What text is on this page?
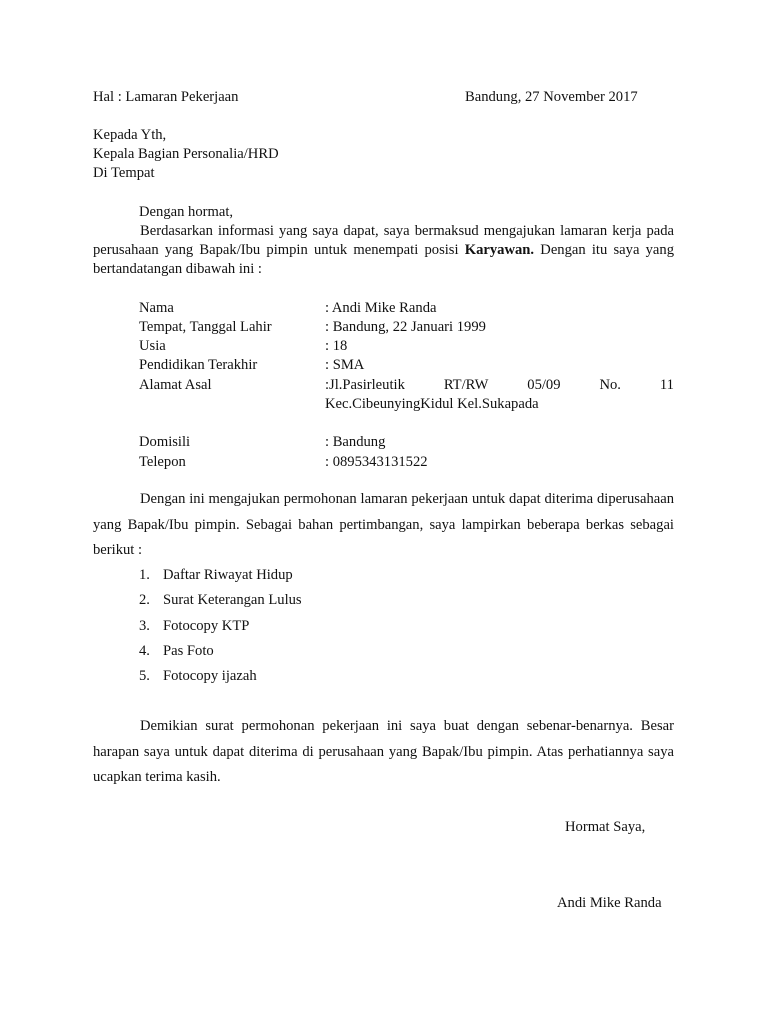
Hal : Lamaran Pekerjaan	Bandung, 27 November 2017
Kepada Yth,
Kepala Bagian Personalia/HRD
Di Tempat
Dengan hormat,
Berdasarkan informasi yang saya dapat, saya bermaksud mengajukan lamaran kerja pada perusahaan yang Bapak/Ibu pimpin untuk menempati posisi Karyawan. Dengan itu saya yang bertandatangan dibawah ini :
Nama	: Andi Mike Randa
Tempat, Tanggal Lahir	: Bandung, 22 Januari 1999
Usia	: 18
Pendidikan Terakhir	: SMA
Alamat Asal	:Jl.Pasirleutik	RT/RW	05/09	No.	11
Kec.CibeunyingKidul Kel.Sukapada
Domisili	: Bandung
Telepon	: 0895343131522
Dengan ini mengajukan permohonan lamaran pekerjaan untuk dapat diterima diperusahaan yang Bapak/Ibu pimpin. Sebagai bahan pertimbangan, saya lampirkan beberapa berkas sebagai berikut :
1. Daftar Riwayat Hidup
2. Surat Keterangan Lulus
3. Fotocopy KTP
4. Pas Foto
5. Fotocopy ijazah
Demikian surat permohonan pekerjaan ini saya buat dengan sebenar-benarnya. Besar harapan saya untuk dapat diterima di perusahaan yang Bapak/Ibu pimpin. Atas perhatiannya saya ucapkan terima kasih.
Hormat Saya,
Andi Mike Randa
